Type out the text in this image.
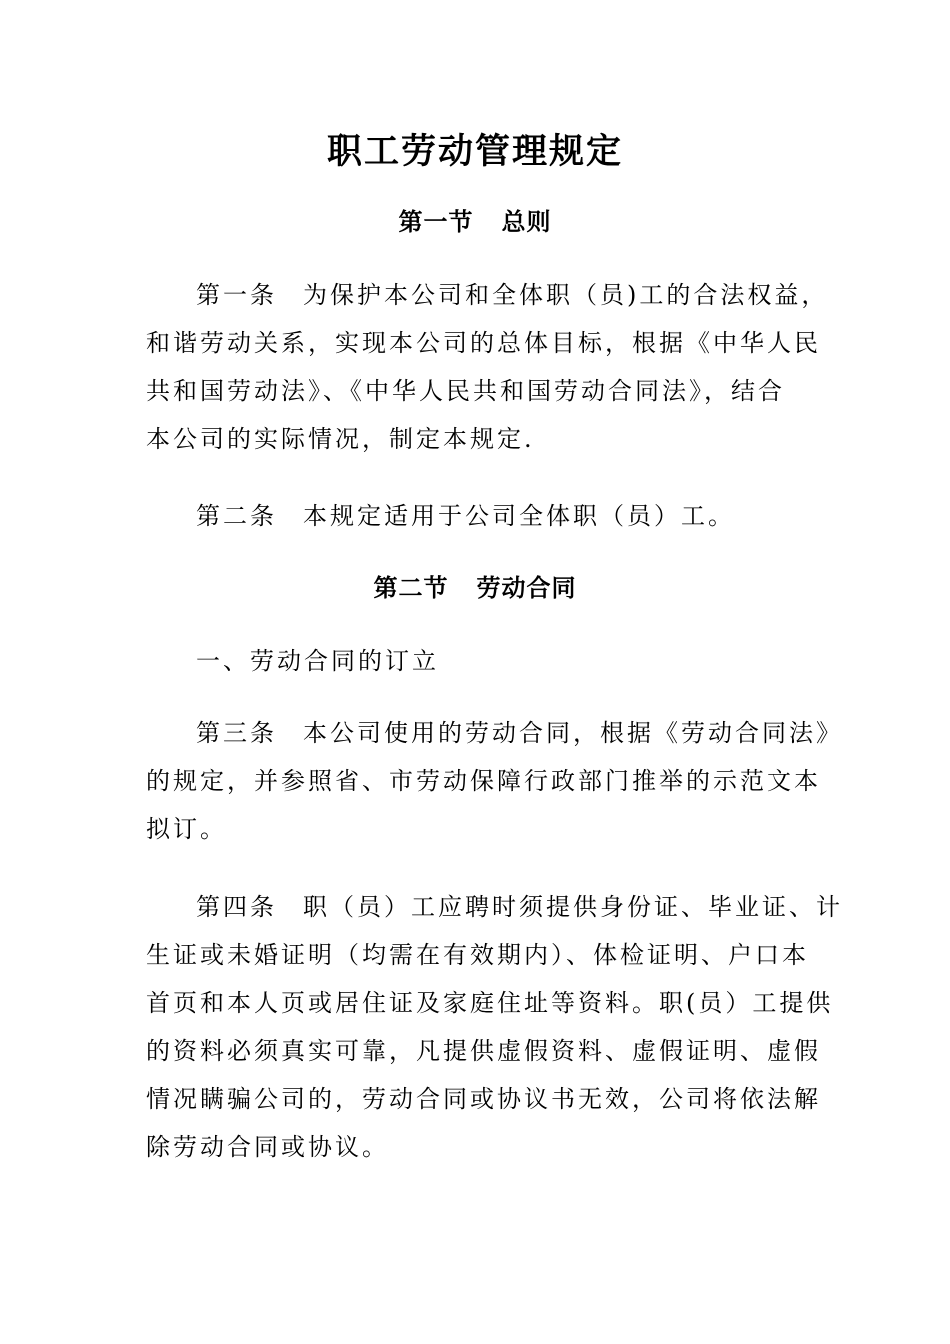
职工劳动管理规定
第一节 总则
第一条 为保护本公司和全体职（员)工的合法权益，
和谐劳动关系，实现本公司的总体目标，根据《中华人民
共和国劳动法》、《中华人民共和国劳动合同法》，结合
本公司的实际情况，制定本规定.
第二条 本规定适用于公司全体职（员）工。
第二节 劳动合同
一、劳动合同的订立
第三条 本公司使用的劳动合同，根据《劳动合同法》
的规定，并参照省、市劳动保障行政部门推举的示范文本
拟订。
第四条 职（员）工应聘时须提供身份证、毕业证、计
生证或未婚证明（均需在有效期内）、体检证明、户口本
首页和本人页或居住证及家庭住址等资料。职(员）工提供
的资料必须真实可靠，凡提供虚假资料、虚假证明、虚假
情况瞒骗公司的，劳动合同或协议书无效，公司将依法解
除劳动合同或协议。
